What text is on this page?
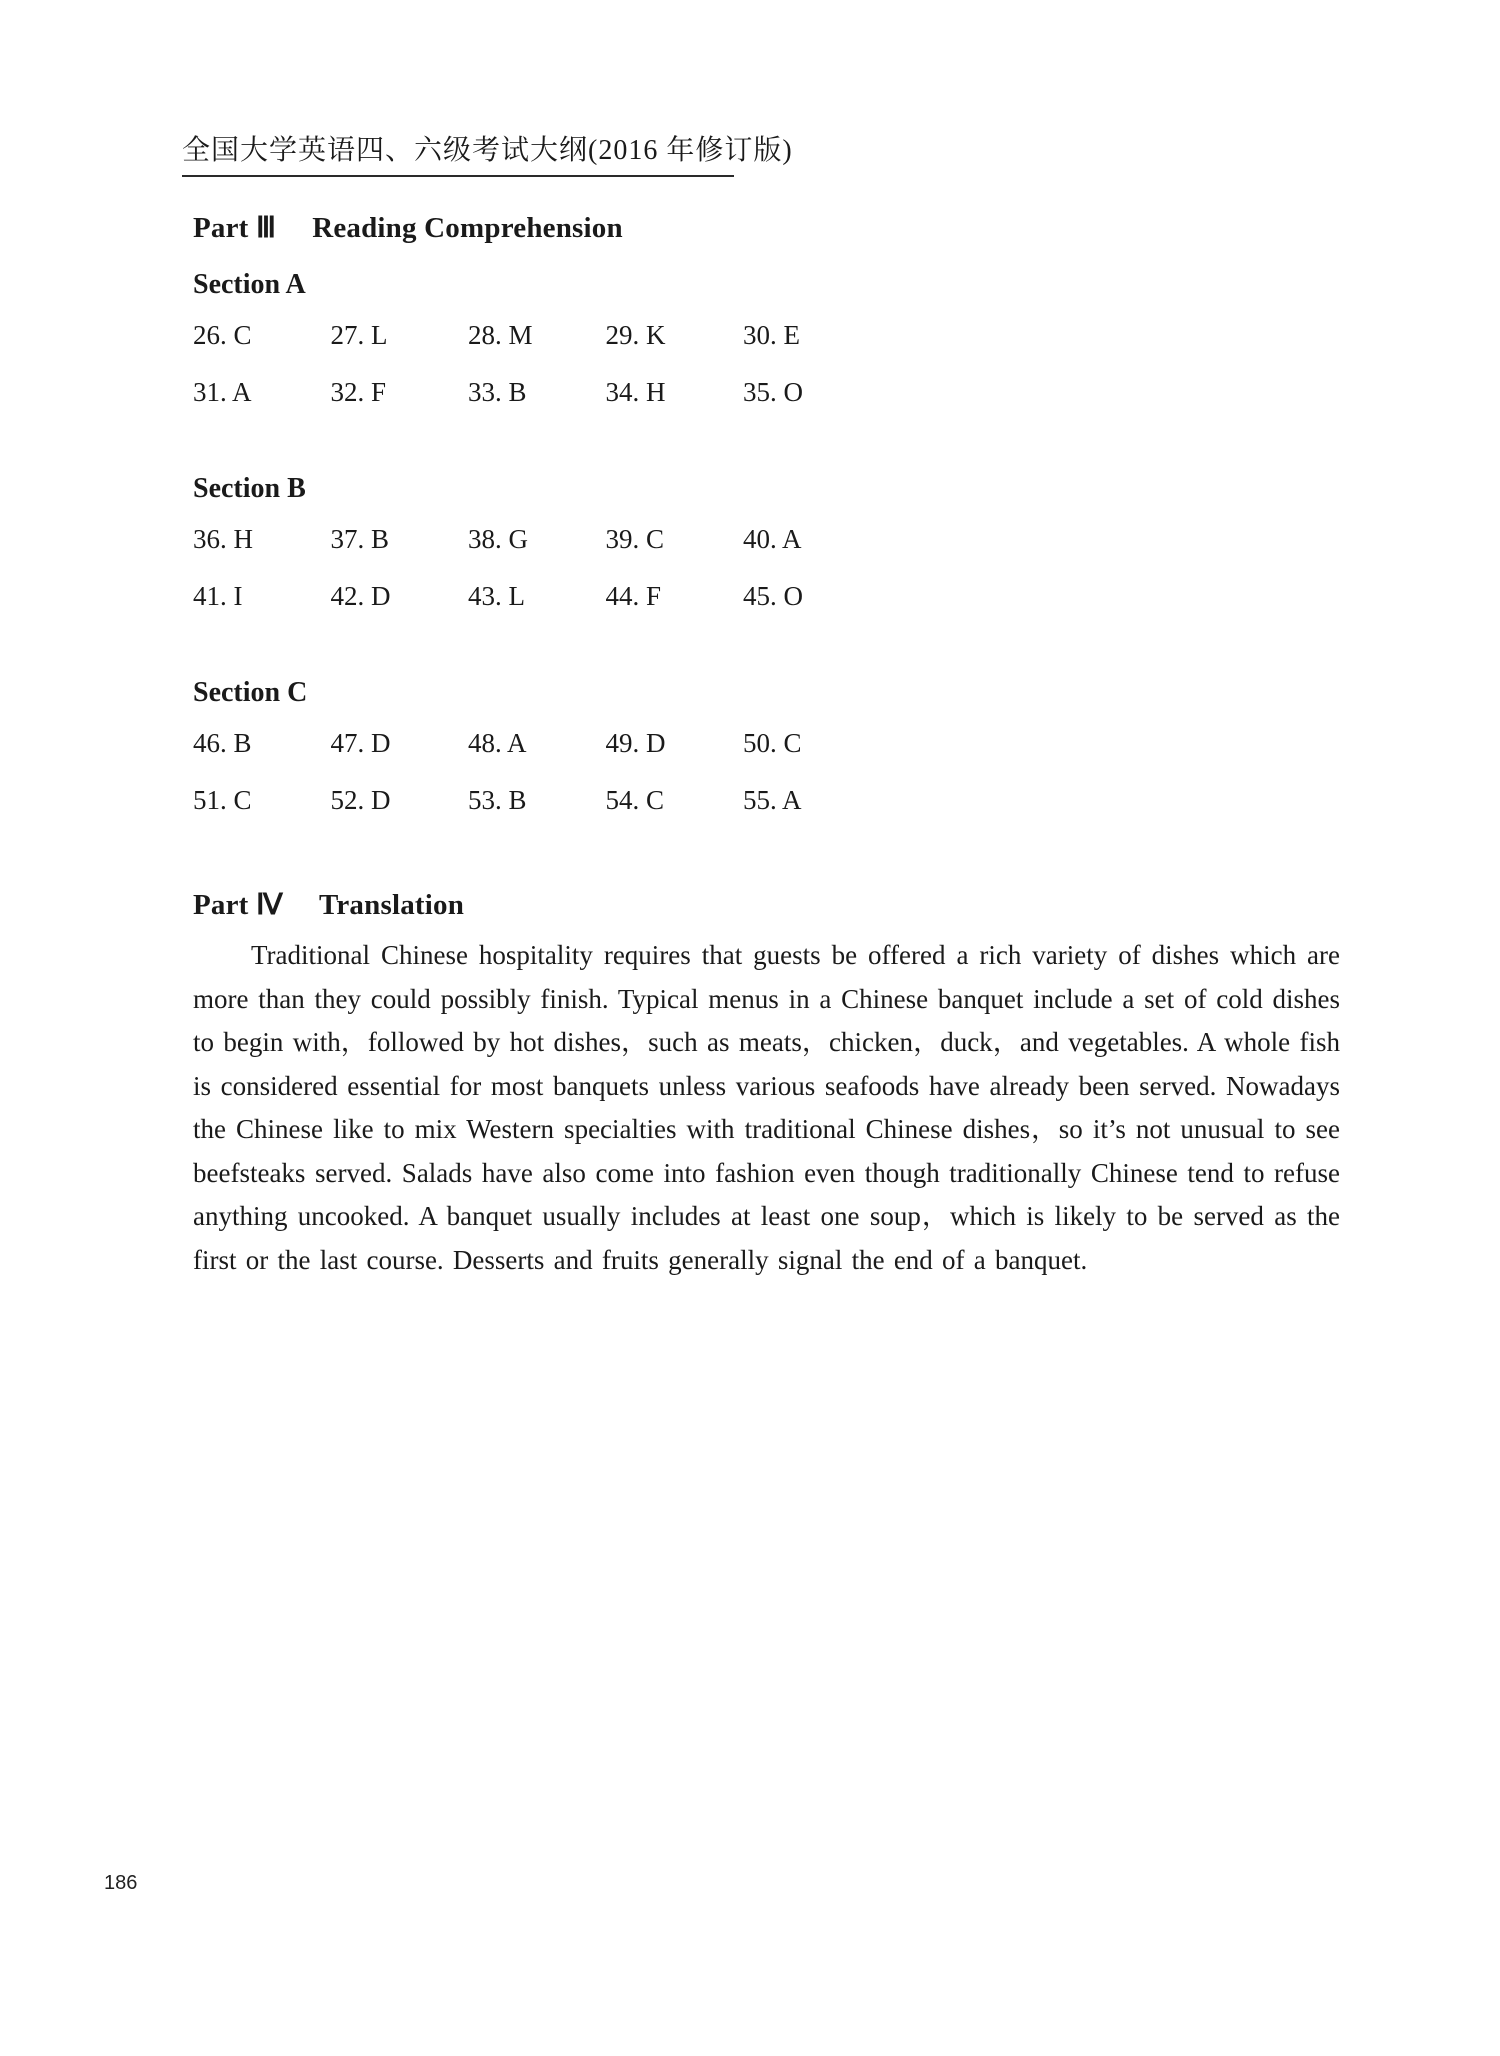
全国大学英语四、六级考试大纲(2016 年修订版)
Part Ⅲ Reading Comprehension
Section A
26. C	27. L	28. M	29. K	30. E
31. A	32. F	33. B	34. H	35. O
Section B
36. H	37. B	38. G	39. C	40. A
41. I	42. D	43. L	44. F	45. O
Section C
46. B	47. D	48. A	49. D	50. C
51. C	52. D	53. B	54. C	55. A
Part Ⅳ Translation

Traditional Chinese hospitality requires that guests be offered a rich variety of dishes which are more than they could possibly finish. Typical menus in a Chinese banquet include a set of cold dishes to begin with，followed by hot dishes，such as meats，chicken，duck，and vegetables. A whole fish is considered essential for most banquets unless various seafoods have already been served. Nowadays the Chinese like to mix Western specialties with traditional Chinese dishes，so it’s not unusual to see beefsteaks served. Salads have also come into fashion even though traditionally Chinese tend to refuse anything uncooked. A banquet usually includes at least one soup，which is likely to be served as the first or the last course. Desserts and fruits generally signal the end of a banquet.

186
